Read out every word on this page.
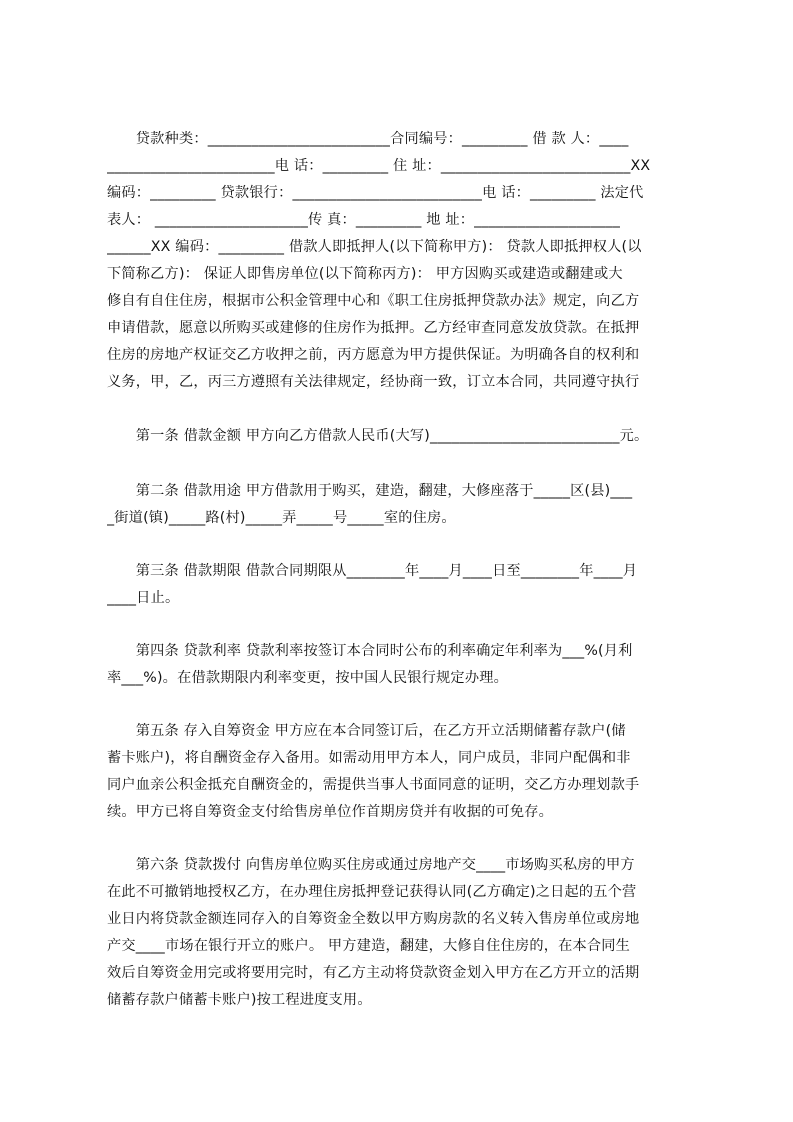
　　贷款种类：_________________________合同编号：_________ 借 款 人：____
_______________________电 话：_________ 住 址：__________________________XX
编码：_________ 贷款银行：__________________________电 话：_________ 法定代
表人： _____________________传 真：_________ 地 址：____________________
______XX 编码：_________ 借款人即抵押人(以下简称甲方)： 贷款人即抵押权人(以
下简称乙方)： 保证人即售房单位(以下简称丙方)： 甲方因购买或建造或翻建或大
修自有自住住房，根据市公积金管理中心和《职工住房抵押贷款办法》规定，向乙方
申请借款，愿意以所购买或建修的住房作为抵押。乙方经审查同意发放贷款。在抵押
住房的房地产权证交乙方收押之前，丙方愿意为甲方提供保证。为明确各自的权利和
义务，甲，乙，丙三方遵照有关法律规定，经协商一致，订立本合同，共同遵守执行
　　第一条 借款金额 甲方向乙方借款人民币(大写)__________________________元。
　　第二条 借款用途 甲方借款用于购买，建造，翻建，大修座落于_____区(县)___
_街道(镇)_____路(村)_____弄_____号_____室的住房。
　　第三条 借款期限 借款合同期限从________年____月____日至________年____月
____日止。
　　第四条 贷款利率 贷款利率按签订本合同时公布的利率确定年利率为___%(月利
率___%)。在借款期限内利率变更，按中国人民银行规定办理。
　　第五条 存入自筹资金 甲方应在本合同签订后，在乙方开立活期储蓄存款户(储
蓄卡账户)，将自酬资金存入备用。如需动用甲方本人，同户成员，非同户配偶和非
同户血亲公积金抵充自酬资金的，需提供当事人书面同意的证明，交乙方办理划款手
续。甲方已将自筹资金支付给售房单位作首期房贷并有收据的可免存。
　　第六条 贷款拨付 向售房单位购买住房或通过房地产交____市场购买私房的甲方
在此不可撤销地授权乙方，在办理住房抵押登记获得认同(乙方确定)之日起的五个营
业日内将贷款金额连同存入的自筹资金全数以甲方购房款的名义转入售房单位或房地
产交____市场在银行开立的账户。 甲方建造，翻建，大修自住住房的，在本合同生
效后自筹资金用完或将要用完时，有乙方主动将贷款资金划入甲方在乙方开立的活期
储蓄存款户储蓄卡账户)按工程进度支用。
